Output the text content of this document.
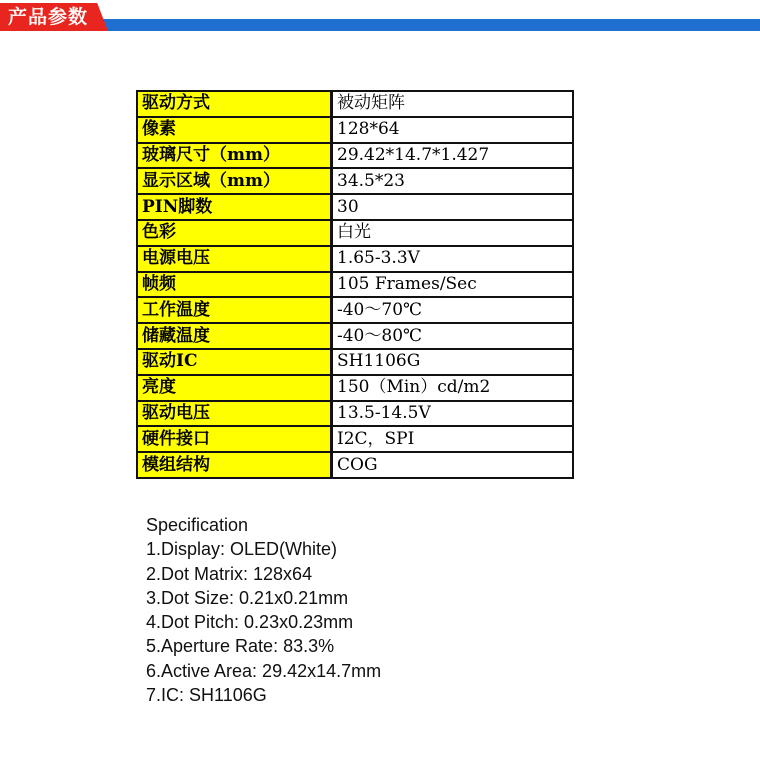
产品参数
驱动方式	被动矩阵
像素	128*64
玻璃尺寸（mm）	29.42*14.7*1.427
显示区域（mm）	34.5*23
PIN脚数	30
色彩	白光
电源电压	1.65-3.3V
帧频	105 Frames/Sec
工作温度	-40～70℃
储藏温度	-40～80℃
驱动IC	SH1106G
亮度	150（Min）cd/m2
驱动电压	13.5-14.5V
硬件接口	I2C，SPI
模组结构	COG
Specification
1.Display: OLED(White)
2.Dot Matrix: 128x64
3.Dot Size: 0.21x0.21mm
4.Dot Pitch: 0.23x0.23mm
5.Aperture Rate: 83.3%
6.Active Area: 29.42x14.7mm
7.IC: SH1106G
